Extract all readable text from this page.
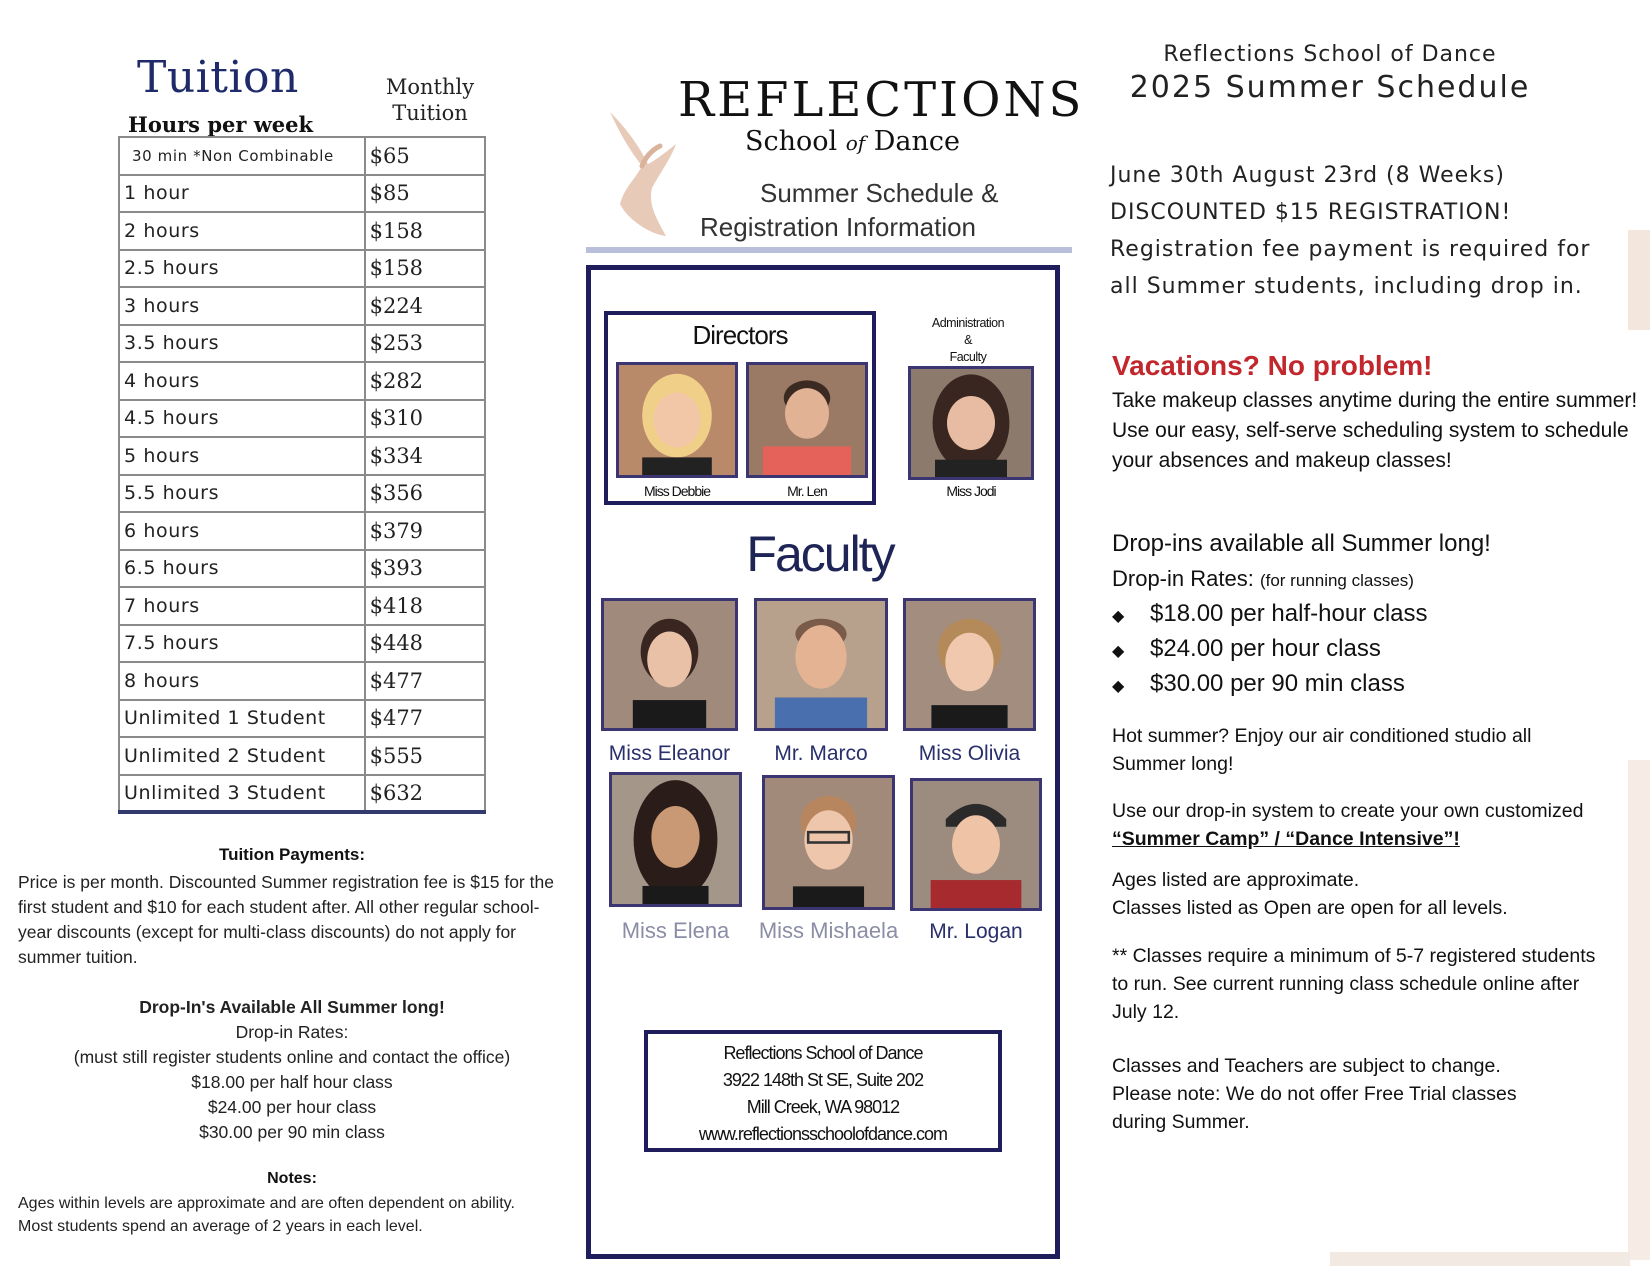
Tuition	Monthly
Tuition
Hours per week
30 min *Non Combinable	$65
1 hour	$85
2 hours	$158
2.5 hours	$158
3 hours	$224
3.5 hours	$253
4 hours	$282
4.5 hours	$310
5 hours	$334
5.5 hours	$356
6 hours	$379
6.5 hours	$393
7 hours	$418
7.5 hours	$448
8 hours	$477
Unlimited 1 Student	$477
Unlimited 2 Student	$555
Unlimited 3 Student	$632
Tuition Payments:
Price is per month. Discounted Summer registration fee is $15 for the first student and $10 for each student after. All other regular school-year discounts (except for multi-class discounts) do not apply for summer tuition.
Drop-In's Available All Summer long!
Drop-in Rates:
(must still register students online and contact the office)
$18.00 per half hour class
$24.00 per hour class
$30.00 per 90 min class
Notes:
Ages within levels are approximate and are often dependent on ability.
Most students spend an average of 2 years in each level.
REFLECTIONS
School of Dance
Summer Schedule &
Registration Information
Directors	Administration
&
Faculty
Miss Debbie	Mr. Len	Miss Jodi
Faculty
Miss Eleanor	Mr. Marco	Miss Olivia
Miss Elena	Miss Mishaela	Mr. Logan
Reflections School of Dance
3922 148th St SE, Suite 202
Mill Creek, WA 98012
www.reflectionsschoolofdance.com
Reflections School of Dance
2025 Summer Schedule
June 30th August 23rd (8 Weeks)
DISCOUNTED $15 REGISTRATION!
Registration fee payment is required for
all Summer students, including drop in.
Vacations? No problem!
Take makeup classes anytime during the entire summer! Use our easy, self-serve scheduling system to schedule your absences and makeup classes!
Drop-ins available all Summer long!
Drop-in Rates: (for running classes)
◆ $18.00 per half-hour class
◆ $24.00 per hour class
◆ $30.00 per 90 min class
Hot summer? Enjoy our air conditioned studio all Summer long!
Use our drop-in system to create your own customized
“Summer Camp” / “Dance Intensive”!
Ages listed are approximate.
Classes listed as Open are open for all levels.
** Classes require a minimum of 5-7 registered students to run. See current running class schedule online after July 12.
Classes and Teachers are subject to change.
Please note: We do not offer Free Trial classes during Summer.
